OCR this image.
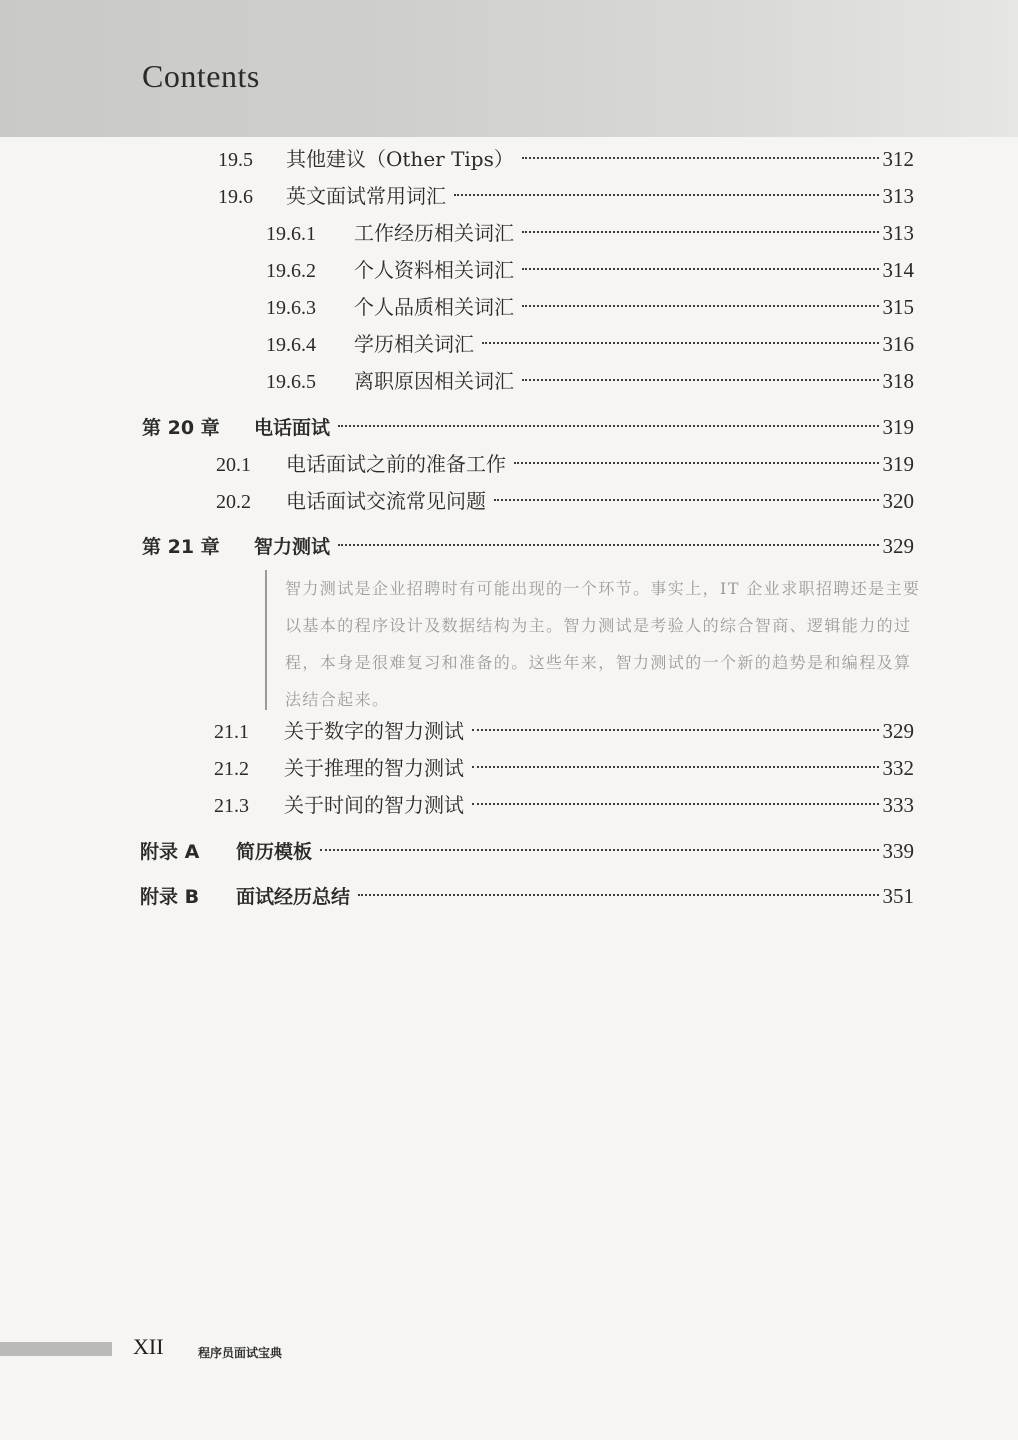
Contents
19.5	其他建议（Other Tips）	312
19.6	英文面试常用词汇	313
19.6.1	工作经历相关词汇	313
19.6.2	个人资料相关词汇	314
19.6.3	个人品质相关词汇	315
19.6.4	学历相关词汇	316
19.6.5	离职原因相关词汇	318
第 20 章	电话面试	319
20.1	电话面试之前的准备工作	319
20.2	电话面试交流常见问题	320
第 21 章	智力测试	329
智力测试是企业招聘时有可能出现的一个环节。事实上，IT 企业求职招聘还是主要以基本的程序设计及数据结构为主。智力测试是考验人的综合智商、逻辑能力的过程，本身是很难复习和准备的。这些年来，智力测试的一个新的趋势是和编程及算法结合起来。
21.1	关于数字的智力测试	329
21.2	关于推理的智力测试	332
21.3	关于时间的智力测试	333
附录 A	简历模板	339
附录 B	面试经历总结	351
XII	程序员面试宝典
